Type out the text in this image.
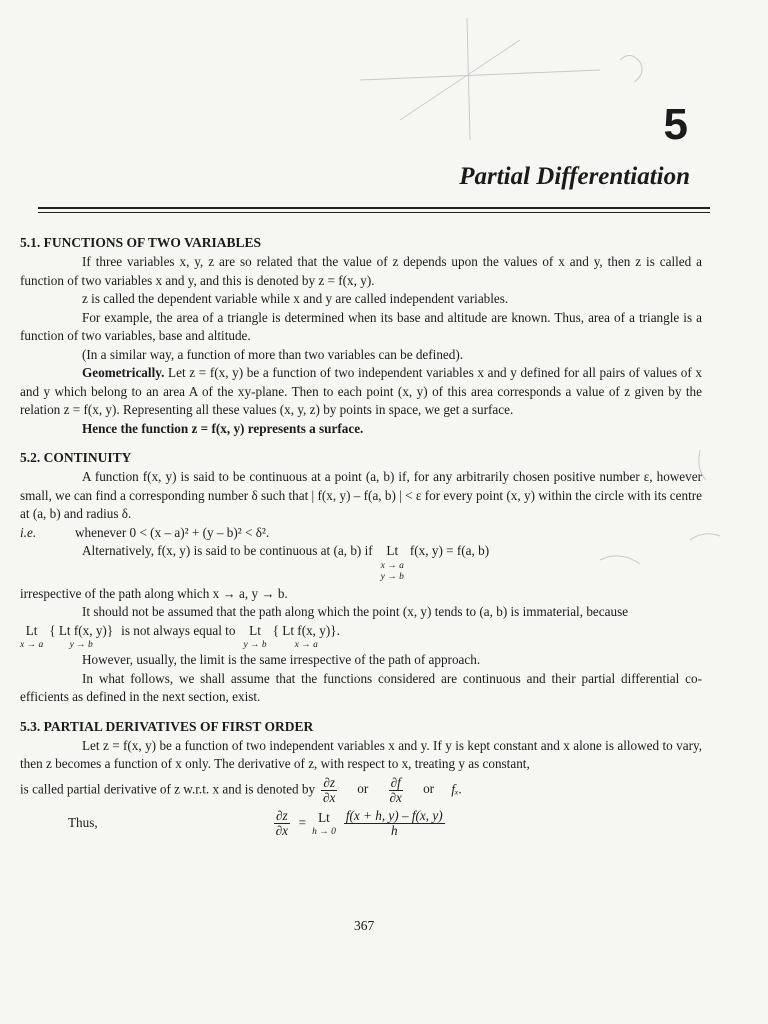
5
Partial Differentiation
5.1. FUNCTIONS OF TWO VARIABLES

If three variables x, y, z are so related that the value of z depends upon the values of x and y, then z is called a function of two variables x and y, and this is denoted by z = f(x, y).

z is called the dependent variable while x and y are called independent variables.

For example, the area of a triangle is determined when its base and altitude are known. Thus, area of a triangle is a function of two variables, base and altitude.

(In a similar way, a function of more than two variables can be defined).

Geometrically. Let z = f(x, y) be a function of two independent variables x and y defined for all pairs of values of x and y which belong to an area A of the xy-plane. Then to each point (x, y) of this area corresponds a value of z given by the relation z = f(x, y). Representing all these values (x, y, z) by points in space, we get a surface.

Hence the function z = f(x, y) represents a surface.

5.2. CONTINUITY

A function f(x, y) is said to be continuous at a point (a, b) if, for any arbitrarily chosen positive number ε, however small, we can find a corresponding number δ such that | f(x, y) – f(a, b) | < ε for every point (x, y) within the circle with its centre at (a, b) and radius δ.

i.e.	whenever 0 < (x – a)² + (y – b)² < δ².

Alternatively, f(x, y) is said to be continuous at (a, b) if	Lt
x → a
y → b
f(x, y) = f(a, b)

irrespective of the path along which x → a, y → b.

It should not be assumed that the path along which the point (x, y) tends to (a, b) is immaterial, because

Lt
x → a
{ Lt f(x, y)}
y → b
is not always equal to	Lt
y → b
{ Lt f(x, y)}.
x → a

However, usually, the limit is the same irrespective of the path of approach.

In what follows, we shall assume that the functions considered are continuous and their partial differential co-efficients as defined in the next section, exist.

5.3. PARTIAL DERIVATIVES OF FIRST ORDER

Let z = f(x, y) be a function of two independent variables x and y. If y is kept constant and x alone is allowed to vary, then z becomes a function of x only. The derivative of z, with respect to x, treating y as constant,

is called partial derivative of z w.r.t. x and is denoted by $\frac{\partial z}{\partial x}$ or $\frac{\partial f}{\partial x}$ or fₓ.

Thus,	$\frac{\partial z}{\partial x} = Lt$
$h \to 0 \frac{f(x + h, y) - f(x, y)}{h}$
367
